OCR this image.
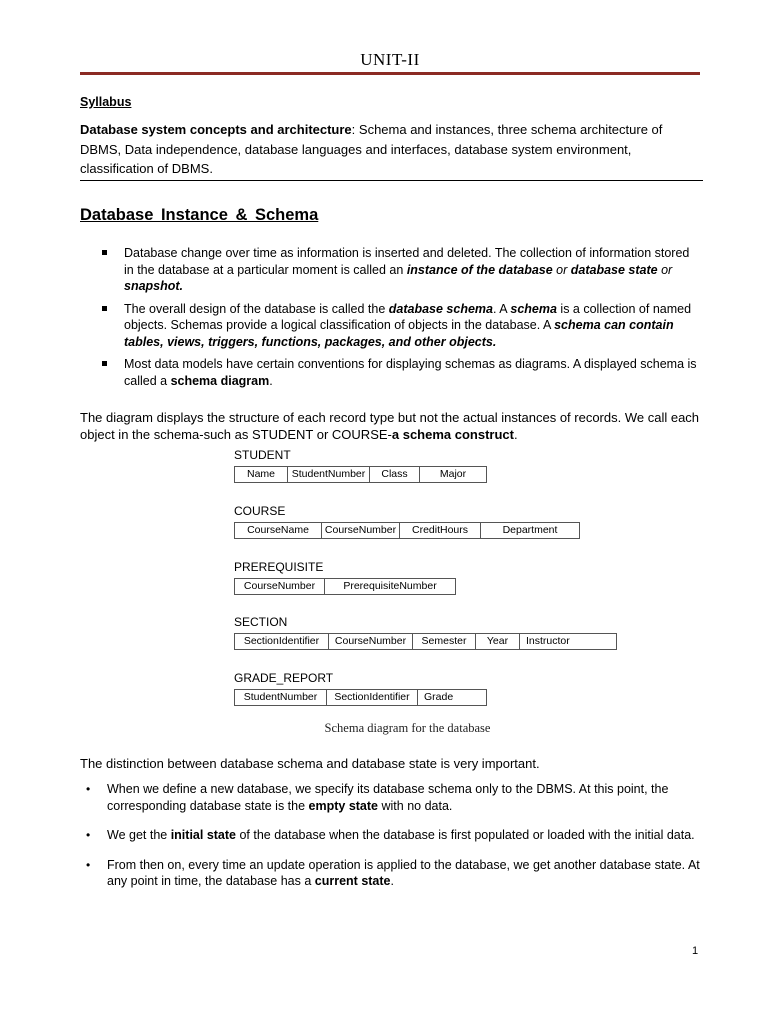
UNIT-II
Syllabus
Database system concepts and architecture: Schema and instances, three schema architecture of DBMS, Data independence, database languages and interfaces, database system environment, classification of DBMS.
Database Instance & Schema
Database change over time as information is inserted and deleted. The collection of information stored in the database at a particular moment is called an instance of the database or database state or snapshot.
The overall design of the database is called the database schema. A schema is a collection of named objects. Schemas provide a logical classification of objects in the database. A schema can contain tables, views, triggers, functions, packages, and other objects.
Most data models have certain conventions for displaying schemas as diagrams. A displayed schema is called a schema diagram.
The diagram displays the structure of each record type but not the actual instances of records. We call each object in the schema-such as STUDENT or COURSE-a schema construct.
STUDENT
Name	StudentNumber	Class	Major
COURSE
CourseName	CourseNumber	CreditHours	Department
PREREQUISITE
CourseNumber	PrerequisiteNumber
SECTION
SectionIdentifier	CourseNumber	Semester	Year	Instructor
GRADE_REPORT
StudentNumber	SectionIdentifier	Grade
Schema diagram for the database
The distinction between database schema and database state is very important.
• When we define a new database, we specify its database schema only to the DBMS. At this point, the corresponding database state is the empty state with no data.
• We get the initial state of the database when the database is first populated or loaded with the initial data.
• From then on, every time an update operation is applied to the database, we get another database state. At any point in time, the database has a current state.
1
